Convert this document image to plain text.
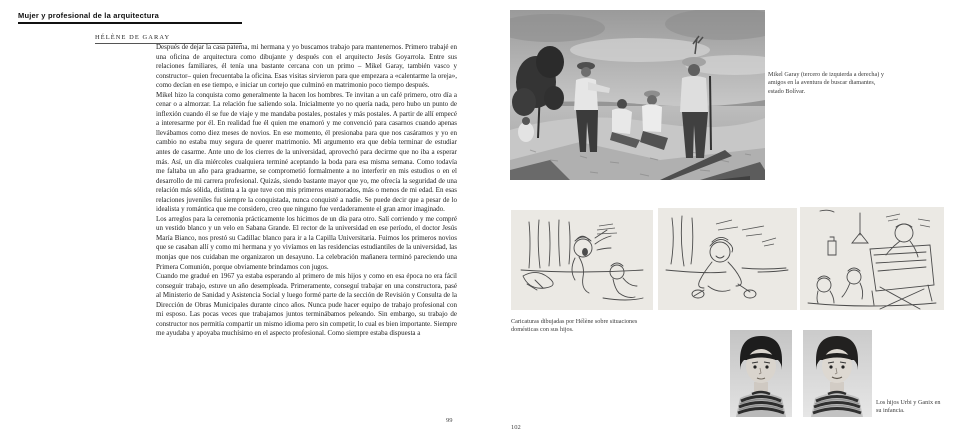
Mujer y profesional de la arquitectura
HÉLÈNE DE GARAY

Después de dejar la casa paterna, mi hermana y yo buscamos trabajo para mantenernos. Primero trabajé en una oficina de arquitectura como dibujante y después con el arquitecto Jesús Goyarrola. Entre sus relaciones familiares, él tenía una bastante cercana con un primo – Mikel Garay, también vasco y constructor– quien frecuentaba la oficina. Esas visitas sirvieron para que empezara a «calentarme la oreja», como decían en ese tiempo, e iniciar un cortejo que culminó en matrimonio poco tiempo después.

Mikel hizo la conquista como generalmente la hacen los hombres. Te invitan a un café primero, otro día a cenar o a almorzar. La relación fue saliendo sola. Inicialmente yo no quería nada, pero hubo un punto de inflexión cuando él se fue de viaje y me mandaba postales, postales y más postales. A partir de allí empecé a interesarme por él. En realidad fue él quien me enamoró y me convenció para casarnos cuando apenas llevábamos como diez meses de novios. En ese momento, él presionaba para que nos casáramos y yo en cambio no estaba muy segura de querer matrimonio. Mi argumento era que debía terminar de estudiar antes de casarme. Ante uno de los cierres de la universidad, aprovechó para decirme que no iba a esperar más. Así, un día miércoles cualquiera terminé aceptando la boda para esa misma semana. Como todavía me faltaba un año para graduarme, se comprometió formalmente a no interferir en mis estudios o en el desarrollo de mi carrera profesional. Quizás, siendo bastante mayor que yo, me ofrecía la seguridad de una relación más sólida, distinta a la que tuve con mis primeros enamorados, más o menos de mi edad. En esas relaciones juveniles fui siempre la conquistada, nunca conquisté a nadie. Se puede decir que a pesar de lo idealista y romántica que me considero, creo que ninguno fue verdaderamente el gran amor imaginado.

Los arreglos para la ceremonia prácticamente los hicimos de un día para otro. Salí corriendo y me compré un vestido blanco y un velo en Sabana Grande. El rector de la universidad en ese período, el doctor Jesús María Bianco, nos prestó su Cadillac blanco para ir a la Capilla Universitaria. Fuimos los primeros novios que se casaban allí y como mi hermana y yo vivíamos en las residencias estudiantiles de la universidad, las monjas que nos cuidaban me organizaron un desayuno. La celebración mañanera terminó pareciendo una Primera Comunión, porque obviamente brindamos con jugos.

Cuando me gradué en 1967 ya estaba esperando al primero de mis hijos y como en esa época no era fácil conseguir trabajo, estuve un año desempleada. Primeramente, conseguí trabajar en una constructora, pasé al Ministerio de Sanidad y Asistencia Social y luego formé parte de la sección de Revisión y Consulta de la Dirección de Obras Municipales durante cinco años. Nunca pude hacer equipo de trabajo profesional con mi esposo. Las pocas veces que trabajamos juntos terminábamos peleando. Sin embargo, su trabajo de constructor nos permitía compartir un mismo idioma pero sin competir, lo cual es bien importante. Siempre me ayudaba y apoyaba muchísimo en el aspecto profesional. Como siempre estaba dispuesta a

99
Mikel Garay (tercero de izquierda a derecha) y amigos en la aventura de buscar diamantes, estado Bolívar.
Caricaturas dibujadas por Hélène sobre situaciones domésticas con sus hijos.
Los hijos Urbi y Ganix en su infancia.
102
